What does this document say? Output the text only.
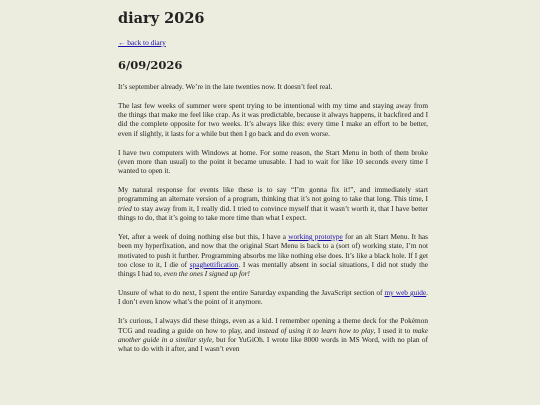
diary 2026
← back to diary
6/09/2026

It’s september already. We’re in the late twenties now. It doesn’t feel real.

The last few weeks of summer were spent trying to be intentional with my time and staying away from the things that make me feel like crap. As it was predictable, because it always happens, it backfired and I did the complete opposite for two weeks. It’s always like this: every time I make an effort to be better, even if slightly, it lasts for a while but then I go back and do even worse.

I have two computers with Windows at home. For some reason, the Start Menu in both of them broke (even more than usual) to the point it became unusable. I had to wait for like 10 seconds every time I wanted to open it.

My natural response for events like these is to say “I’m gonna fix it!”, and immediately start programming an alternate version of a program, thinking that it’s not going to take that long. This time, I tried to stay away from it, I really did. I tried to convince myself that it wasn’t worth it, that I have better things to do, that it’s going to take more time than what I expect.

Yet, after a week of doing nothing else but this, I have a working prototype for an alt Start Menu. It has been my hyperfixation, and now that the original Start Menu is back to a (sort of) working state, I’m not motivated to push it further. Programming absorbs me like nothing else does. It’s like a black hole. If I get too close to it, I die of spaghettification. I was mentally absent in social situations, I did not study the things I had to, even the ones I signed up for!

Unsure of what to do next, I spent the entire Saturday expanding the JavaScript section of my web guide. I don’t even know what’s the point of it anymore.

It’s curious, I always did these things, even as a kid. I remember opening a theme deck for the Pokémon TCG and reading a guide on how to play, and instead of using it to learn how to play, I used it to make another guide in a similar style, but for YuGiOh. I wrote like 8000 words in MS Word, with no plan of what to do with it after, and I wasn’t even
